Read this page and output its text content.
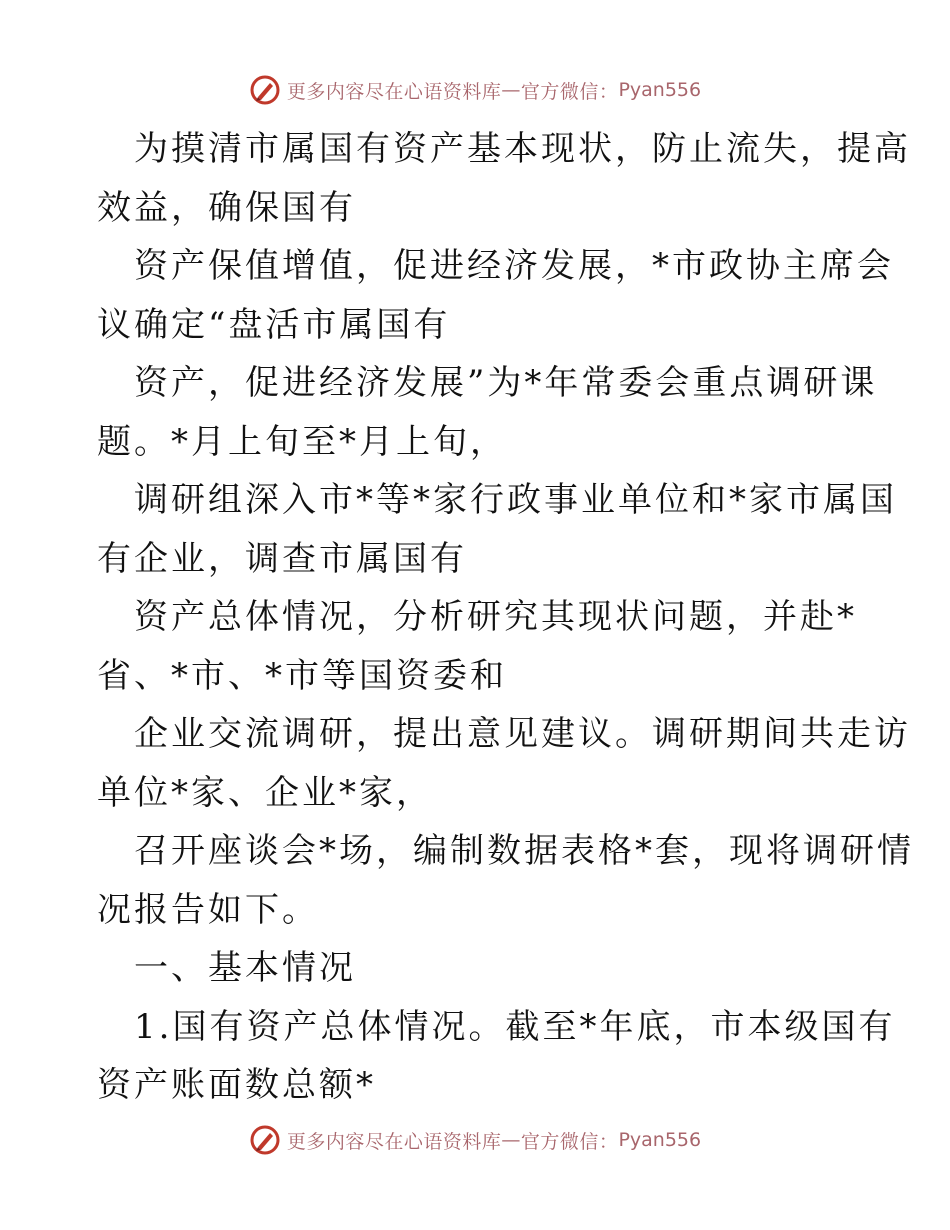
更多内容尽在心语资料库 — 官方微信： Pyan556
为摸清市属国有资产基本现状，防止流失，提高
效益，确保国有
资产保值增值，促进经济发展，*市政协主席会
议确定“盘活市属国有
资产，促进经济发展”为*年常委会重点调研课
题。*月上旬至*月上旬，
调研组深入市*等*家行政事业单位和*家市属国
有企业，调查市属国有
资产总体情况，分析研究其现状问题，并赴*
省、*市、*市等国资委和
企业交流调研，提出意见建议。调研期间共走访
单位*家、企业*家，
召开座谈会*场，编制数据表格*套，现将调研情
况报告如下。
一、基本情况
1.国有资产总体情况。截至*年底，市本级国有
资产账面数总额*
更多内容尽在心语资料库 — 官方微信： Pyan556
